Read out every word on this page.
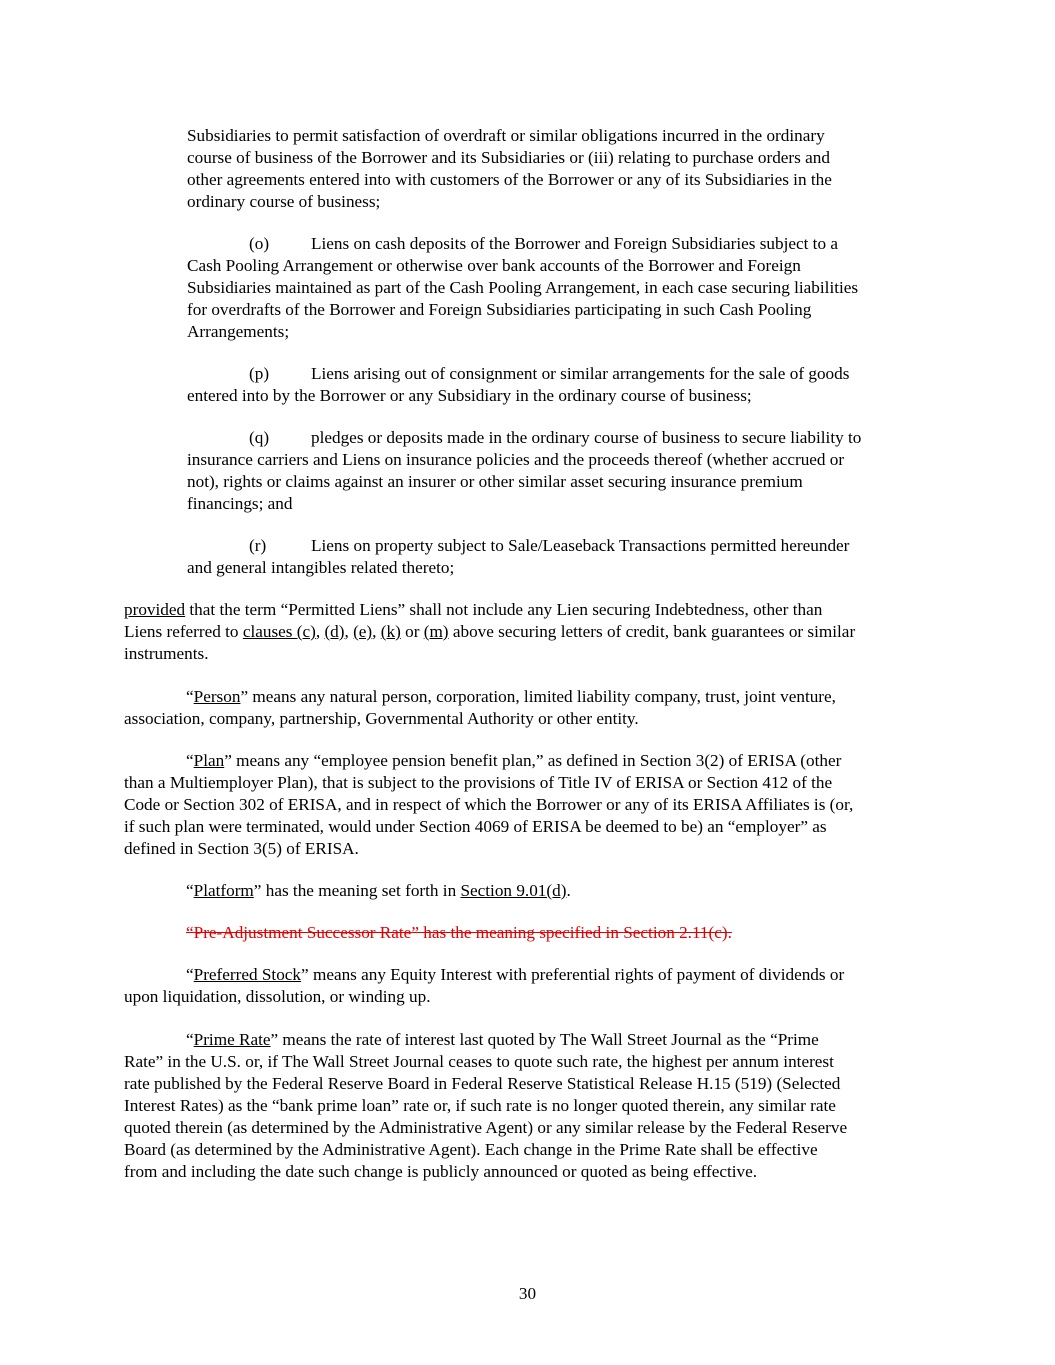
Subsidiaries to permit satisfaction of overdraft or similar obligations incurred in the ordinary
course of business of the Borrower and its Subsidiaries or (iii) relating to purchase orders and
other agreements entered into with customers of the Borrower or any of its Subsidiaries in the
ordinary course of business;
(o) Liens on cash deposits of the Borrower and Foreign Subsidiaries subject to a
Cash Pooling Arrangement or otherwise over bank accounts of the Borrower and Foreign
Subsidiaries maintained as part of the Cash Pooling Arrangement, in each case securing liabilities
for overdrafts of the Borrower and Foreign Subsidiaries participating in such Cash Pooling
Arrangements;
(p) Liens arising out of consignment or similar arrangements for the sale of goods
entered into by the Borrower or any Subsidiary in the ordinary course of business;
(q) pledges or deposits made in the ordinary course of business to secure liability to
insurance carriers and Liens on insurance policies and the proceeds thereof (whether accrued or
not), rights or claims against an insurer or other similar asset securing insurance premium
financings; and
(r)	Liens on property subject to Sale/Leaseback Transactions permitted hereunder
and general intangibles related thereto;
provided that the term “Permitted Liens” shall not include any Lien securing Indebtedness, other than
Liens referred to clauses (c), (d), (e), (k) or (m) above securing letters of credit, bank guarantees or similar
instruments.
“Person” means any natural person, corporation, limited liability company, trust, joint venture,
association, company, partnership, Governmental Authority or other entity.
“Plan” means any “employee pension benefit plan,” as defined in Section 3(2) of ERISA (other
than a Multiemployer Plan), that is subject to the provisions of Title IV of ERISA or Section 412 of the
Code or Section 302 of ERISA, and in respect of which the Borrower or any of its ERISA Affiliates is (or,
if such plan were terminated, would under Section 4069 of ERISA be deemed to be) an “employer” as
defined in Section 3(5) of ERISA.
“Platform” has the meaning set forth in Section 9.01(d).
“Pre-Adjustment Successor Rate” has the meaning specified in Section 2.11(c).
“Preferred Stock” means any Equity Interest with preferential rights of payment of dividends or
upon liquidation, dissolution, or winding up.
“Prime Rate” means the rate of interest last quoted by The Wall Street Journal as the “Prime
Rate” in the U.S. or, if The Wall Street Journal ceases to quote such rate, the highest per annum interest
rate published by the Federal Reserve Board in Federal Reserve Statistical Release H.15 (519) (Selected
Interest Rates) as the “bank prime loan” rate or, if such rate is no longer quoted therein, any similar rate
quoted therein (as determined by the Administrative Agent) or any similar release by the Federal Reserve
Board (as determined by the Administrative Agent). Each change in the Prime Rate shall be effective
from and including the date such change is publicly announced or quoted as being effective.
30
